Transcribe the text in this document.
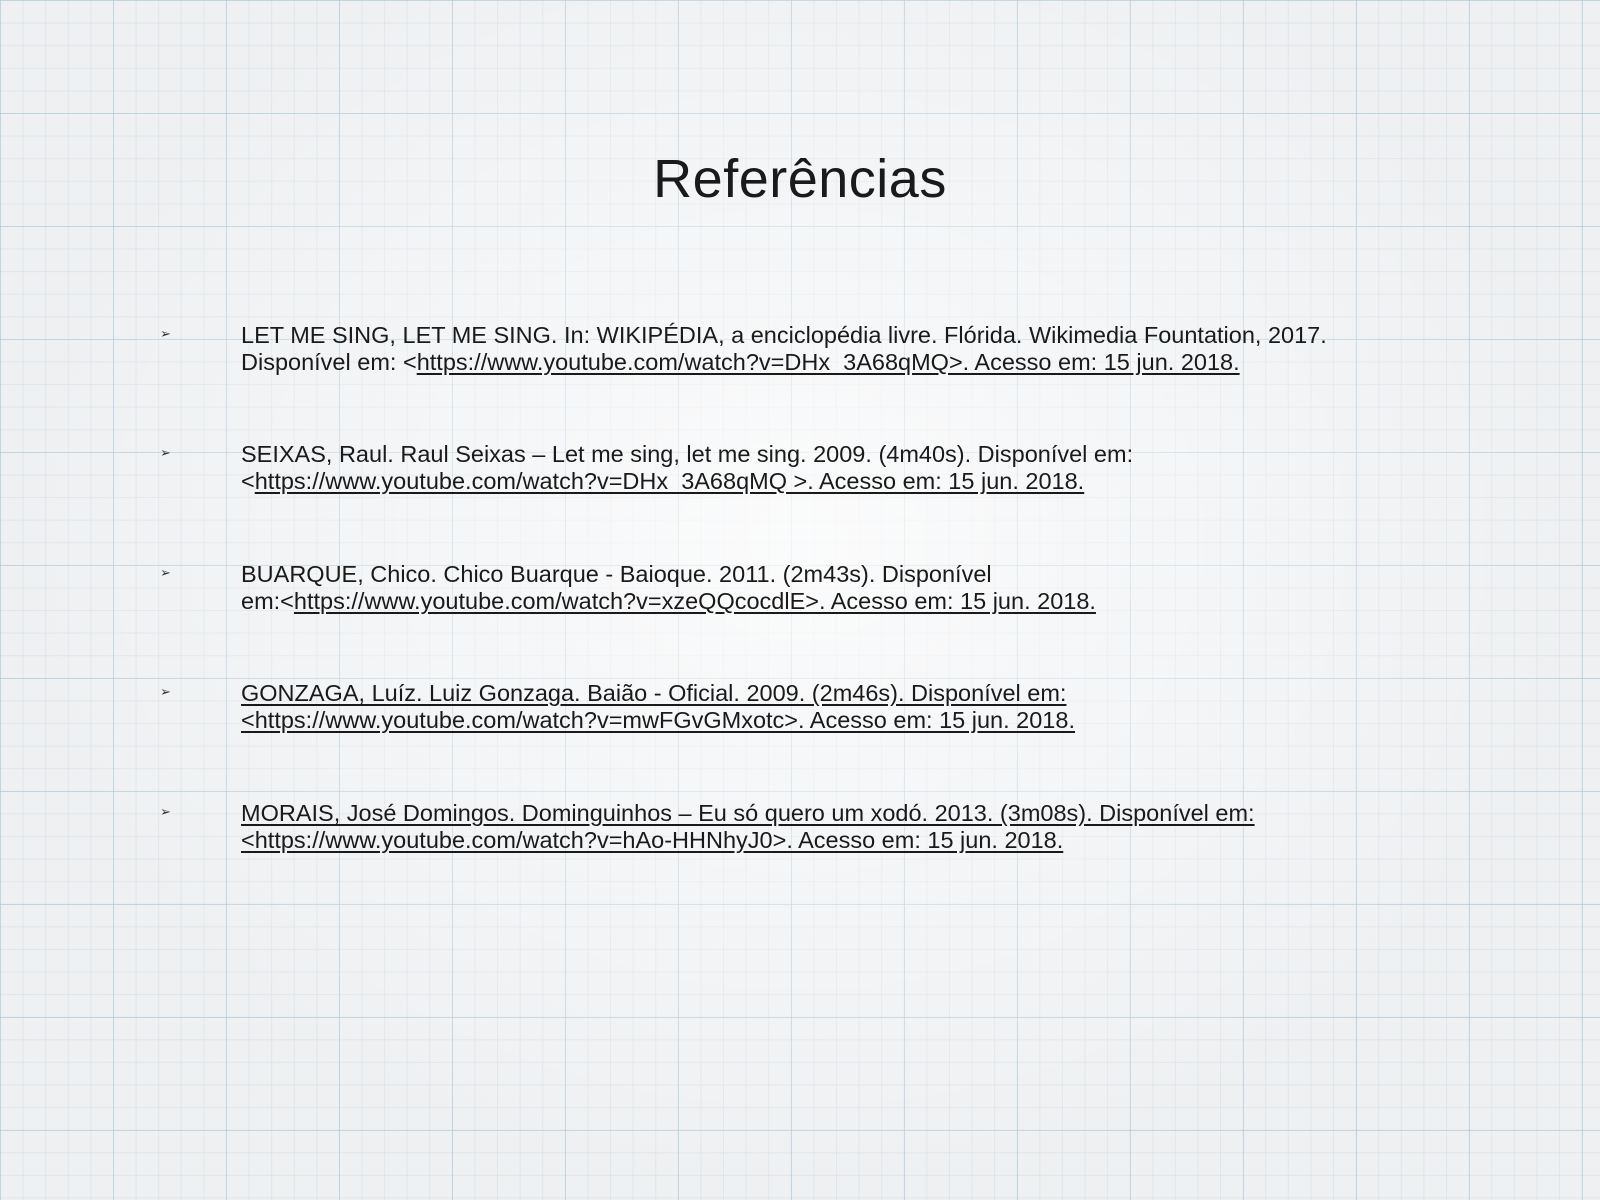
Referências
➢	LET ME SING, LET ME SING. In: WIKIPÉDIA, a enciclopédia livre. Flórida. Wikimedia Fountation, 2017.
Disponível em: <https://www.youtube.com/watch?v=DHx_3A68qMQ>. Acesso em: 15 jun. 2018.
➢	SEIXAS, Raul. Raul Seixas – Let me sing, let me sing. 2009. (4m40s). Disponível em:
<https://www.youtube.com/watch?v=DHx_3A68qMQ >. Acesso em: 15 jun. 2018.
➢	BUARQUE, Chico. Chico Buarque - Baioque. 2011. (2m43s). Disponível
em:<https://www.youtube.com/watch?v=xzeQQcocdlE>. Acesso em: 15 jun. 2018.
➢	GONZAGA, Luíz. Luiz Gonzaga. Baião - Oficial. 2009. (2m46s). Disponível em:
<https://www.youtube.com/watch?v=mwFGvGMxotc>. Acesso em: 15 jun. 2018.
➢	MORAIS, José Domingos. Dominguinhos – Eu só quero um xodó. 2013. (3m08s). Disponível em:
<https://www.youtube.com/watch?v=hAo-HHNhyJ0>. Acesso em: 15 jun. 2018.
